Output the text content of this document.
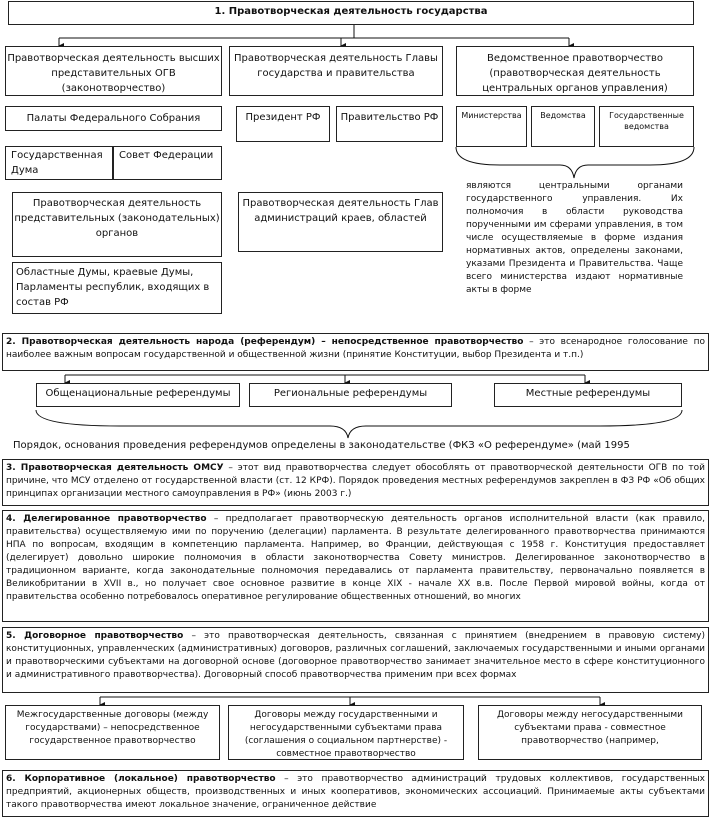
1. Правотворческая деятельность государства
Правотворческая деятельность высших представительных ОГВ (законотворчество)
Правотворческая деятельность Главы государства и правительства
Ведомственное правотворчество (правотворческая деятельность центральных органов управления)
Палаты Федерального Собрания	Президент РФ	Правительство РФ	Министерства	Ведомства	Государственные ведомства
Государственная Дума
Совет Федерации
Правотворческая деятельность представительных (законодательных) органов
Областные Думы, краевые Думы, Парламенты республик, входящих в состав РФ
Правотворческая деятельность Глав администраций краев, областей
являются центральными органами государственного управления. Их полномочия в области руководства порученными им сферами управления, в том числе осуществляемые в форме издания нормативных актов, определены законами, указами Президента и Правительства. Чаще всего министерства издают нормативные акты в форме
2. Правотворческая деятельность народа (референдум) – непосредственное правотворчество – это всенародное голосование по наиболее важным вопросам государственной и общественной жизни (принятие Конституции, выбор Президента и т.п.)
Общенациональные референдумы	Региональные референдумы	Местные референдумы
Порядок, основания проведения референдумов определены в законодательстве (ФКЗ «О референдуме» (май 1995
3. Правотворческая деятельность ОМСУ – этот вид правотворчества следует обособлять от правотворческой деятельности ОГВ по той причине, что МСУ отделено от государственной власти (ст. 12 КРФ). Порядок проведения местных референдумов закреплен в ФЗ РФ «Об общих принципах организации местного самоуправления в РФ» (июнь 2003 г.)
4. Делегированное правотворчество – предполагает правотворческую деятельность органов исполнительной власти (как правило, правительства) осуществляемую ими по поручению (делегации) парламента. В результате делегированного правотворчества принимаются НПА по вопросам, входящим в компетенцию парламента. Например, во Франции, действующая с 1958 г. Конституция предоставляет (делегирует) довольно широкие полномочия в области законотворчества Совету министров. Делегированное законотворчество в традиционном варианте, когда законодательные полномочия передавались от парламента правительству, первоначально появляется в Великобритании в XVII в., но получает свое основное развитие в конце XIX - начале XX в.в. После Первой мировой войны, когда от правительства особенно потребовалось оперативное регулирование общественных отношений, во многих
5. Договорное правотворчество – это правотворческая деятельность, связанная с принятием (внедрением в правовую систему) конституционных, управленческих (административных) договоров, различных соглашений, заключаемых государственными и иными органами и правотворческими субъектами на договорной основе (договорное правотворчество занимает значительное место в сфере конституционного и административного правотворчества). Договорный способ правотворчества применим при всех формах
Межгосударственные договоры (между государствами) – непосредственное государственное правотворчество
Договоры между государственными и негосударственными субъектами права (соглашения о социальном партнерстве) - совместное правотворчество
Договоры между негосударственными субъектами права - совместное правотворчество (например,
6. Корпоративное (локальное) правотворчество – это правотворчество администраций трудовых коллективов, государственных предприятий, акционерных обществ, производственных и иных кооперативов, экономических ассоциаций. Принимаемые акты субъектами такого правотворчества имеют локальное значение, ограниченное действие
